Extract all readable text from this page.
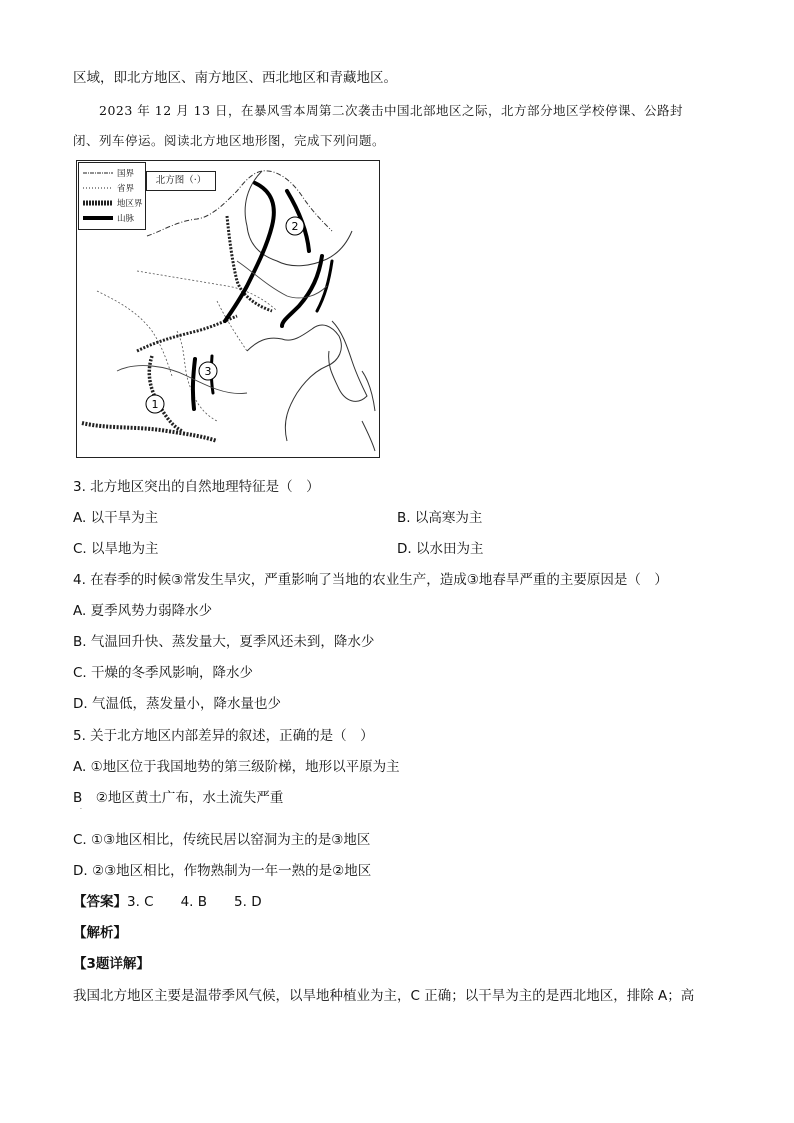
区域，即北方地区、南方地区、西北地区和青藏地区。
2023 年 12 月 13 日，在暴风雪本周第二次袭击中国北部地区之际，北方部分地区学校停课、公路封
闭、列车停运。阅读北方地区地形图，完成下列问题。
2
3
1
国界
省界
地区界
山脉
北方图（·）
3. 北方地区突出的自然地理特征是（　）
A. 以干旱为主	B. 以高寒为主
C. 以旱地为主	D. 以水田为主
4. 在春季的时候③常发生旱灾，严重影响了当地的农业生产，造成③地春旱严重的主要原因是（　）
A. 夏季风势力弱降水少
B. 气温回升快、蒸发量大，夏季风还未到，降水少
C. 干燥的冬季风影响，降水少
D. 气温低，蒸发量小，降水量也少
5. 关于北方地区内部差异的叙述，正确的是（　）
A. ①地区位于我国地势的第三级阶梯，地形以平原为主
B　②地区黄土广布，水土流失严重
·
C. ①③地区相比，传统民居以窑洞为主的是③地区
D. ②③地区相比，作物熟制为一年一熟的是②地区
【答案】3. C　　4. B　　5. D
【解析】
【3题详解】
我国北方地区主要是温带季风气候，以旱地种植业为主，C 正确；以干旱为主的是西北地区，排除 A；高
